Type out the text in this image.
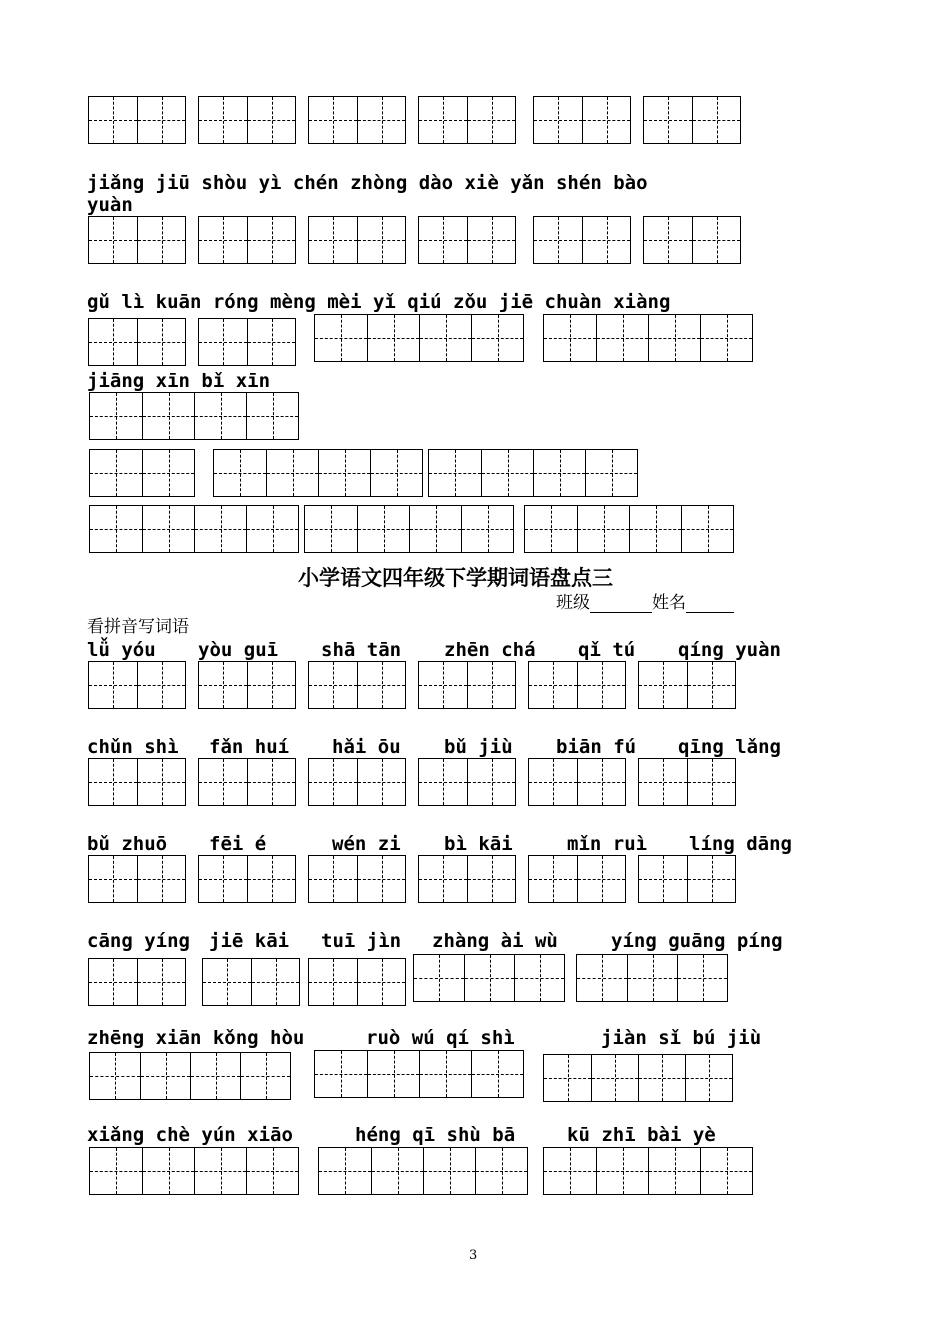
jiǎng jiū shòu yì chén zhòng dào xiè yǎn shén bào
yuàn
gǔ lì kuān róng mèng mèi yǐ qiú zǒu jiē chuàn xiàng
jiāng xīn bǐ xīn
小学语文四年级下学期词语盘点三
班级	姓名
看拼音写词语
lǚ yóu yòu guī shā tān zhēn chá qǐ tú qíng yuàn
chǔn shì fǎn huí hǎi ōu bǔ jiù biān fú qīng lǎng
bǔ zhuō fēi é	wén zi bì kāi	mǐn ruì líng dāng
cāng yíng jiē kāi tuī jìn zhàng ài wù	yíng guāng píng
zhēng xiān kǒng hòu	ruò wú qí shì	jiàn sǐ bú jiù
xiǎng chè yún xiāo	héng qī shù bā	kū zhī bài yè
3
